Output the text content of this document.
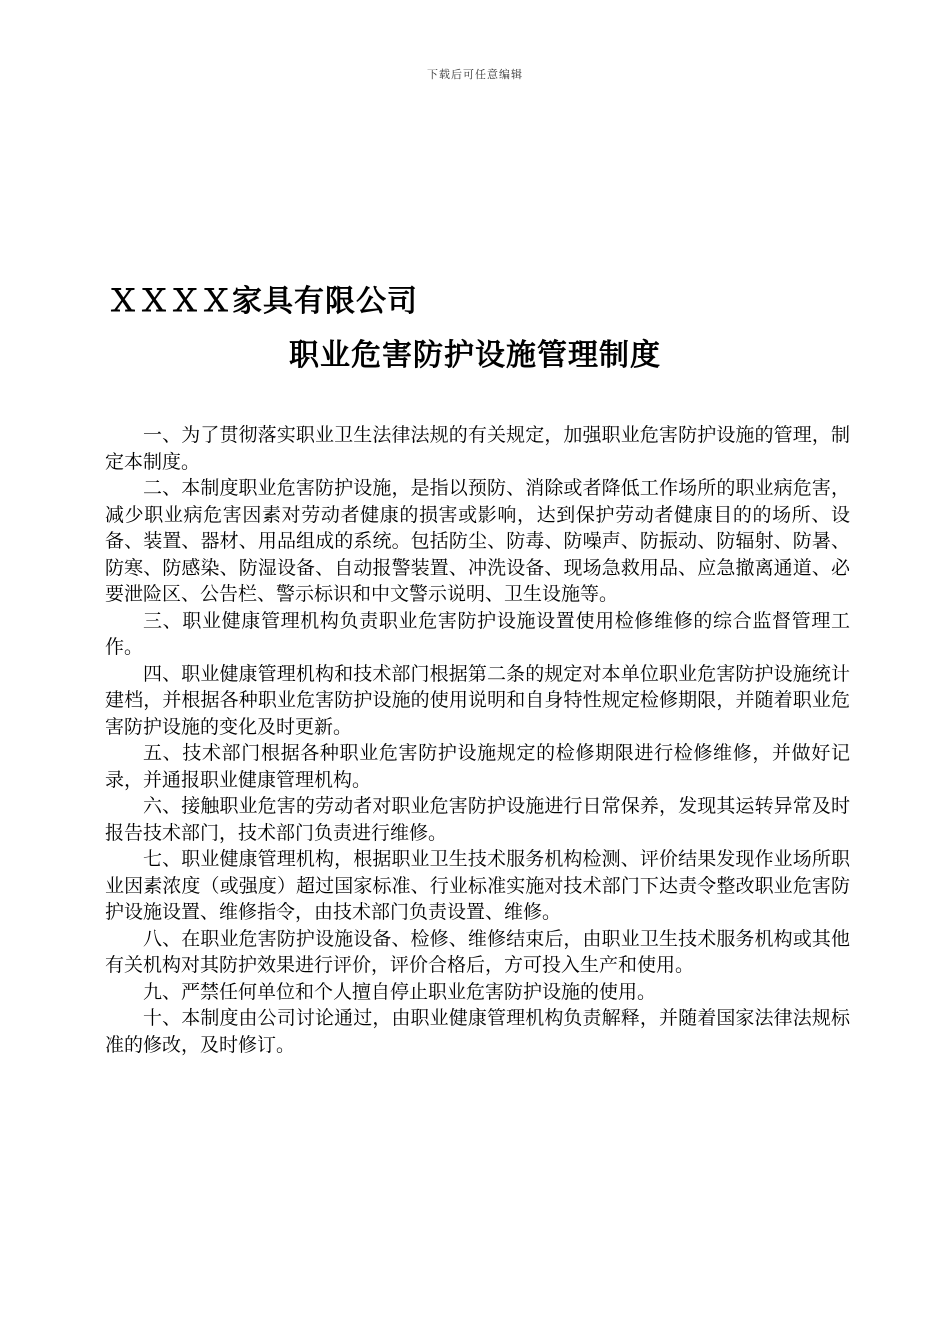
下载后可任意编辑
ＸＸＸＸ家具有限公司
职业危害防护设施管理制度

一、为了贯彻落实职业卫生法律法规的有关规定，加强职业危害防护设施的管理，制定本制度。

二、本制度职业危害防护设施，是指以预防、消除或者降低工作场所的职业病危害，减少职业病危害因素对劳动者健康的损害或影响，达到保护劳动者健康目的的场所、设备、装置、器材、用品组成的系统。包括防尘、防毒、防噪声、防振动、防辐射、防暑、防寒、防感染、防湿设备、自动报警装置、冲洗设备、现场急救用品、应急撤离通道、必要泄险区、公告栏、警示标识和中文警示说明、卫生设施等。

三、职业健康管理机构负责职业危害防护设施设置使用检修维修的综合监督管理工作。

四、职业健康管理机构和技术部门根据第二条的规定对本单位职业危害防护设施统计建档，并根据各种职业危害防护设施的使用说明和自身特性规定检修期限，并随着职业危害防护设施的变化及时更新。

五、技术部门根据各种职业危害防护设施规定的检修期限进行检修维修，并做好记录，并通报职业健康管理机构。

六、接触职业危害的劳动者对职业危害防护设施进行日常保养，发现其运转异常及时报告技术部门，技术部门负责进行维修。

七、职业健康管理机构，根据职业卫生技术服务机构检测、评价结果发现作业场所职业因素浓度（或强度）超过国家标准、行业标准实施对技术部门下达责令整改职业危害防护设施设置、维修指令，由技术部门负责设置、维修。

八、在职业危害防护设施设备、检修、维修结束后，由职业卫生技术服务机构或其他有关机构对其防护效果进行评价，评价合格后，方可投入生产和使用。

九、严禁任何单位和个人擅自停止职业危害防护设施的使用。

十、本制度由公司讨论通过，由职业健康管理机构负责解释，并随着国家法律法规标准的修改，及时修订。
